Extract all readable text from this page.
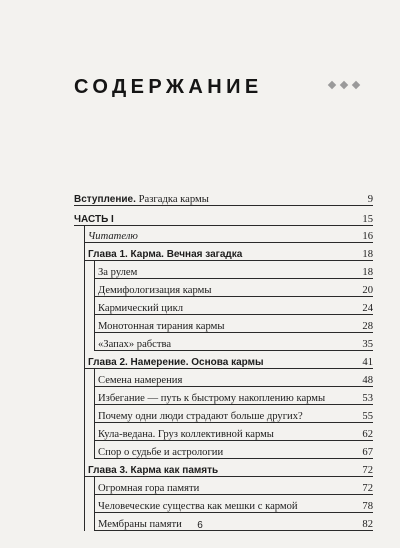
СОДЕРЖАНИЕ
Вступление. Разгадка кармы	9
ЧАСТЬ I	15
Читателю	16
Глава 1. Карма. Вечная загадка	18
За рулем	18
Демифологизация кармы	20
Кармический цикл	24
Монотонная тирания кармы	28
«Запах» рабства	35
Глава 2. Намерение. Основа кармы	41
Семена намерения	48
Избегание — путь к быстрому накоплению кармы	53
Почему одни люди страдают больше других?	55
Кула-ведана. Груз коллективной кармы	62
Спор о судьбе и астрологии	67
Глава 3. Карма как память	72
Огромная гора памяти	72
Человеческие существа как мешки с кармой	78
Мембраны памяти	82
6
